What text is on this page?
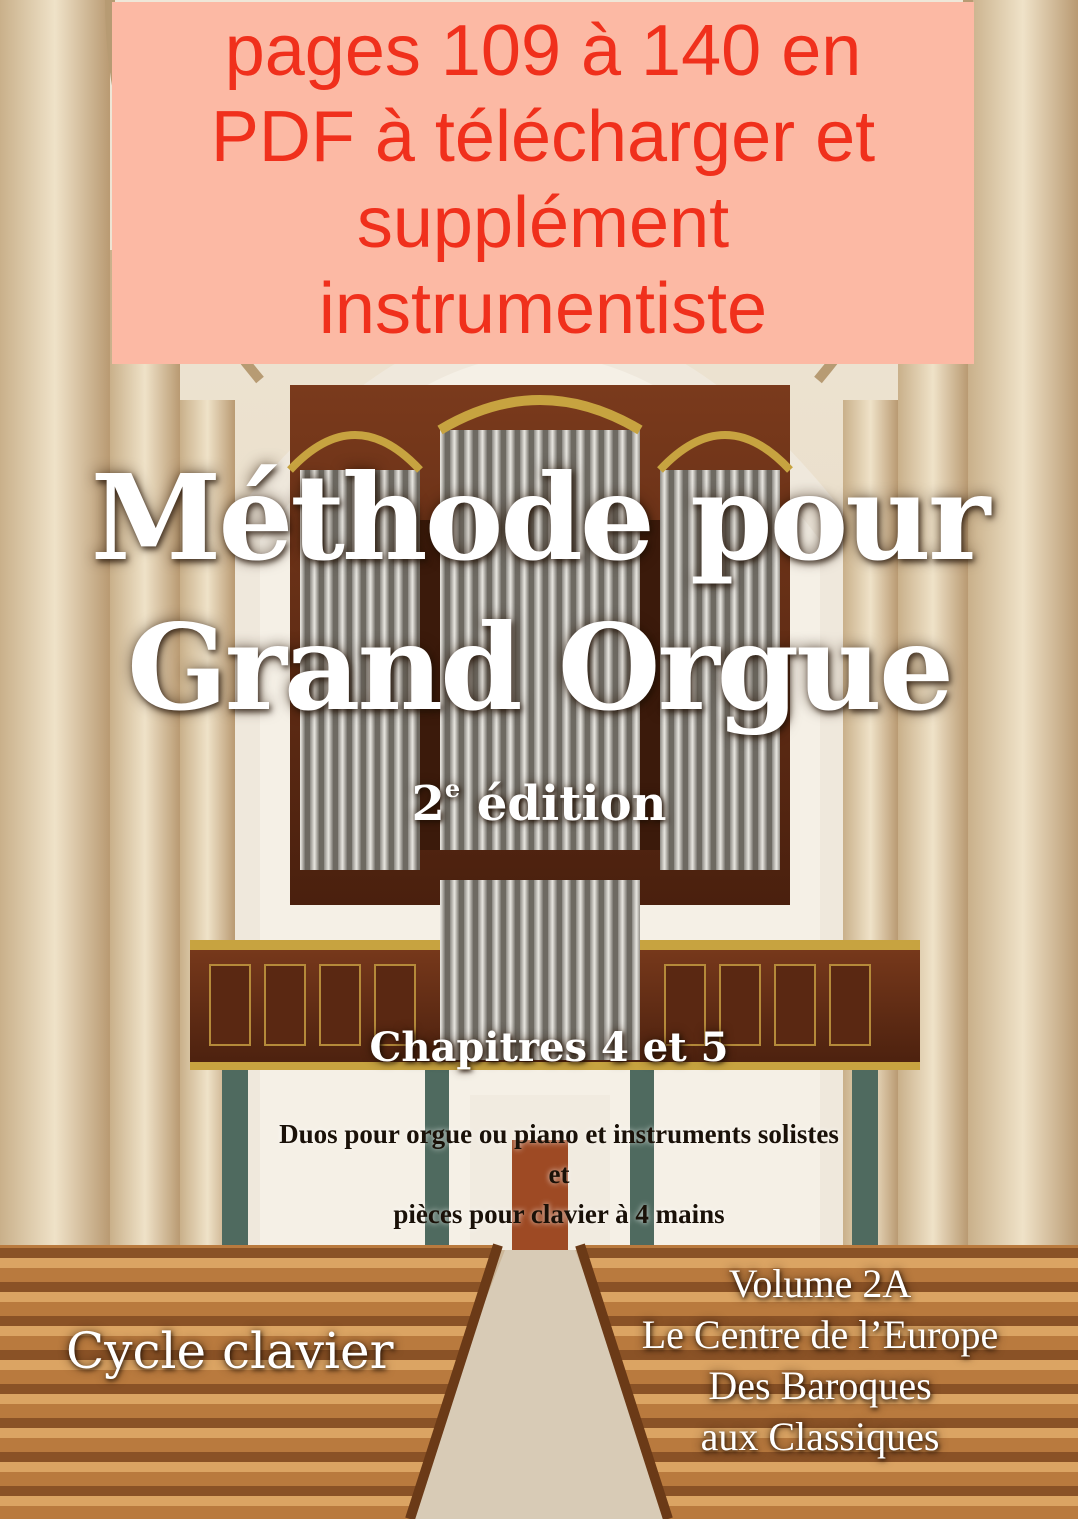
pages 109 à 140 en
PDF à télécharger et
supplément
instrumentiste
Méthode pour
Grand Orgue
2e édition
Chapitres 4 et 5
Duos pour orgue ou piano et instruments solistes
et
pièces pour clavier à 4 mains
Cycle clavier
Volume 2A
Le Centre de l’Europe
Des Baroques
aux Classiques
